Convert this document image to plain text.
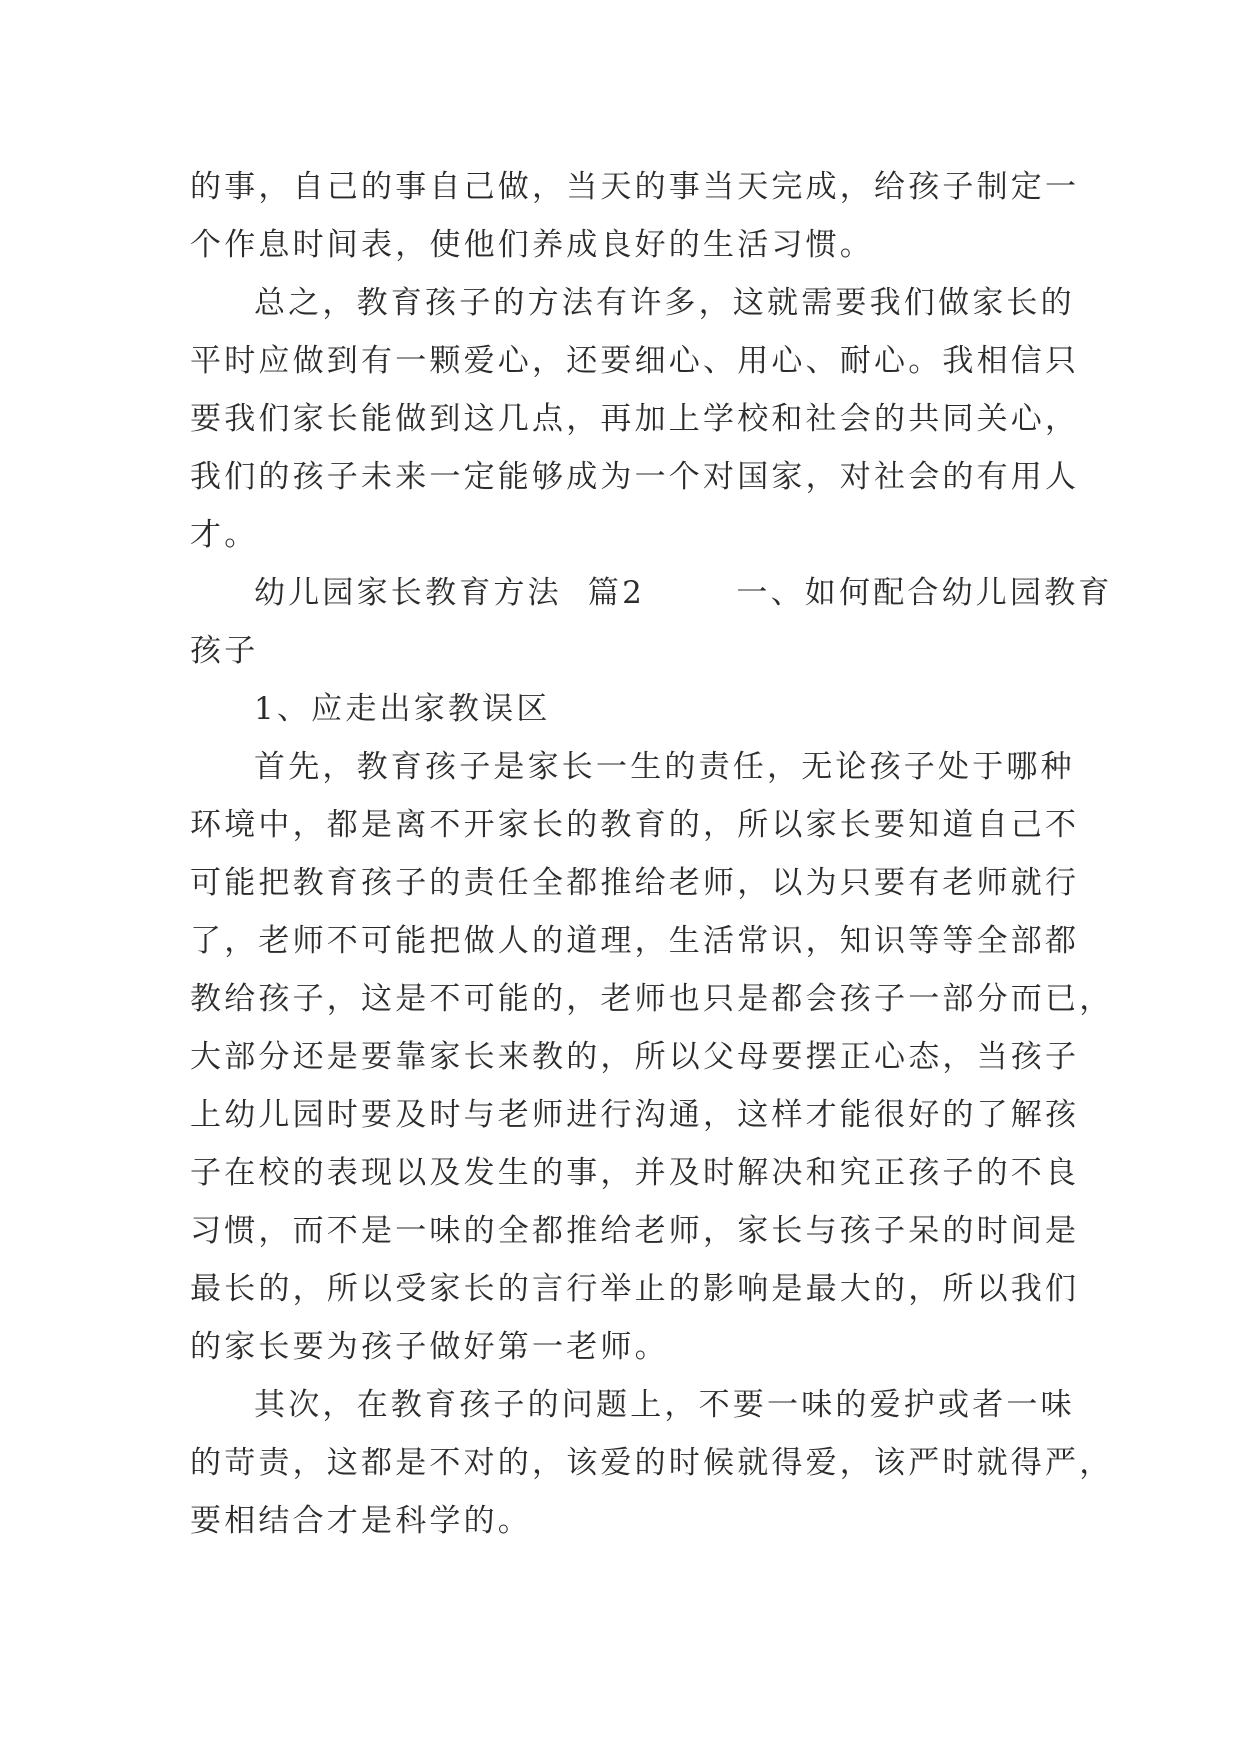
的事，自己的事自己做，当天的事当天完成，给孩子制定一
个作息时间表，使他们养成良好的生活习惯。

总之，教育孩子的方法有许多，这就需要我们做家长的
平时应做到有一颗爱心，还要细心、用心、耐心。我相信只
要我们家长能做到这几点，再加上学校和社会的共同关心，
我们的孩子未来一定能够成为一个对国家，对社会的有用人
才。

幼儿园家长教育方法  篇2       一、如何配合幼儿园教育
孩子

1、应走出家教误区

首先，教育孩子是家长一生的责任，无论孩子处于哪种
环境中，都是离不开家长的教育的，所以家长要知道自己不
可能把教育孩子的责任全都推给老师，以为只要有老师就行
了，老师不可能把做人的道理，生活常识，知识等等全部都
教给孩子，这是不可能的，老师也只是都会孩子一部分而已，
大部分还是要靠家长来教的，所以父母要摆正心态，当孩子
上幼儿园时要及时与老师进行沟通，这样才能很好的了解孩
子在校的表现以及发生的事，并及时解决和究正孩子的不良
习惯，而不是一味的全都推给老师，家长与孩子呆的时间是
最长的，所以受家长的言行举止的影响是最大的，所以我们
的家长要为孩子做好第一老师。

其次，在教育孩子的问题上，不要一味的爱护或者一味
的苛责，这都是不对的，该爱的时候就得爱，该严时就得严，
要相结合才是科学的。
